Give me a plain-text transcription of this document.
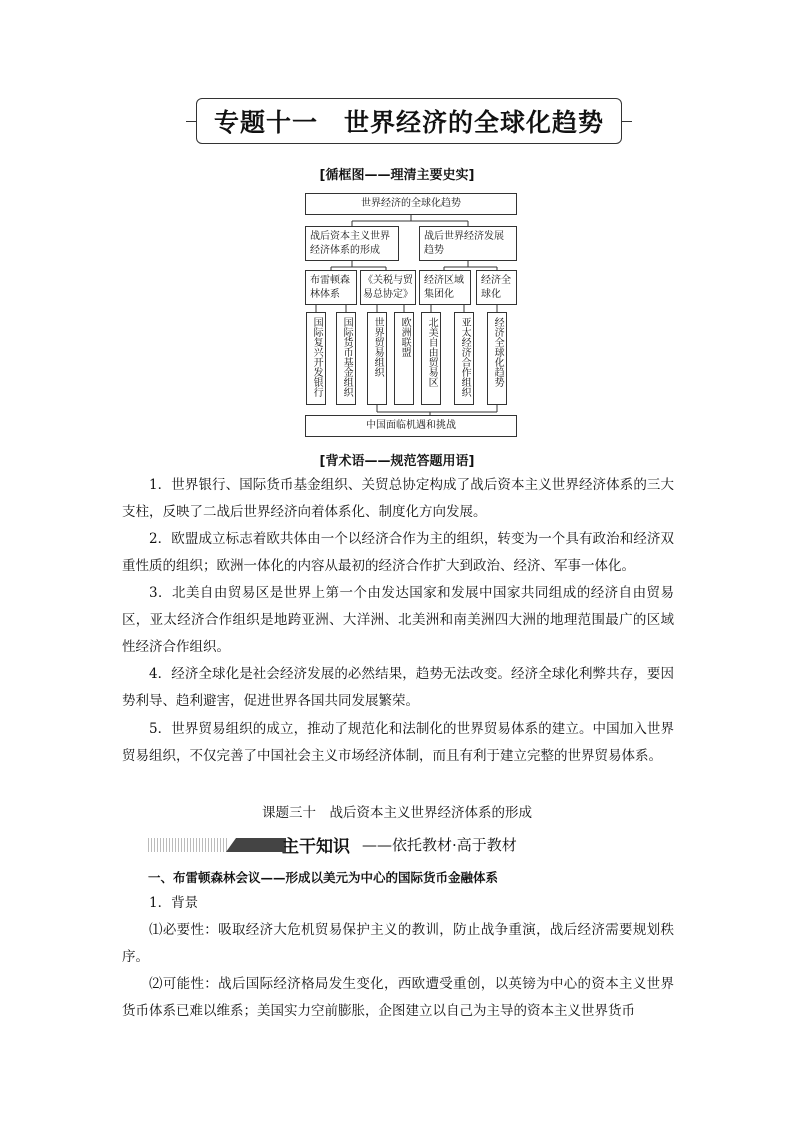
专题十一　世界经济的全球化趋势
[循框图——理清主要史实]
世界经济的全球化趋势
战后资本主义世界经济体系的形成
战后世界经济发展趋势
布雷顿森林体系
《关税与贸易总协定》
经济区域集团化
经济全球化
国际复兴开发银行 国际货币基金组织 世界贸易组织 欧洲联盟 北美自由贸易区 亚太经济合作组织 经济全球化趋势
中国面临机遇和挑战
[背术语——规范答题用语]
1．世界银行、国际货币基金组织、关贸总协定构成了战后资本主义世界经济体系的三大支柱，反映了二战后世界经济向着体系化、制度化方向发展。
2．欧盟成立标志着欧共体由一个以经济合作为主的组织，转变为一个具有政治和经济双重性质的组织；欧洲一体化的内容从最初的经济合作扩大到政治、经济、军事一体化。
3．北美自由贸易区是世界上第一个由发达国家和发展中国家共同组成的经济自由贸易区，亚太经济合作组织是地跨亚洲、大洋洲、北美洲和南美洲四大洲的地理范围最广的区域性经济合作组织。
4．经济全球化是社会经济发展的必然结果，趋势无法改变。经济全球化利弊共存，要因势利导、趋利避害，促进世界各国共同发展繁荣。
5．世界贸易组织的成立，推动了规范化和法制化的世界贸易体系的建立。中国加入世界贸易组织，不仅完善了中国社会主义市场经济体制，而且有利于建立完整的世界贸易体系。
课题三十　战后资本主义世界经济体系的形成
主干知识 ——依托教材·高于教材
一、布雷顿森林会议——形成以美元为中心的国际货币金融体系
1．背景
⑴必要性：吸取经济大危机贸易保护主义的教训，防止战争重演，战后经济需要规划秩序。
⑵可能性：战后国际经济格局发生变化，西欧遭受重创，以英镑为中心的资本主义世界货币体系已难以维系；美国实力空前膨胀，企图建立以自己为主导的资本主义世界货币
